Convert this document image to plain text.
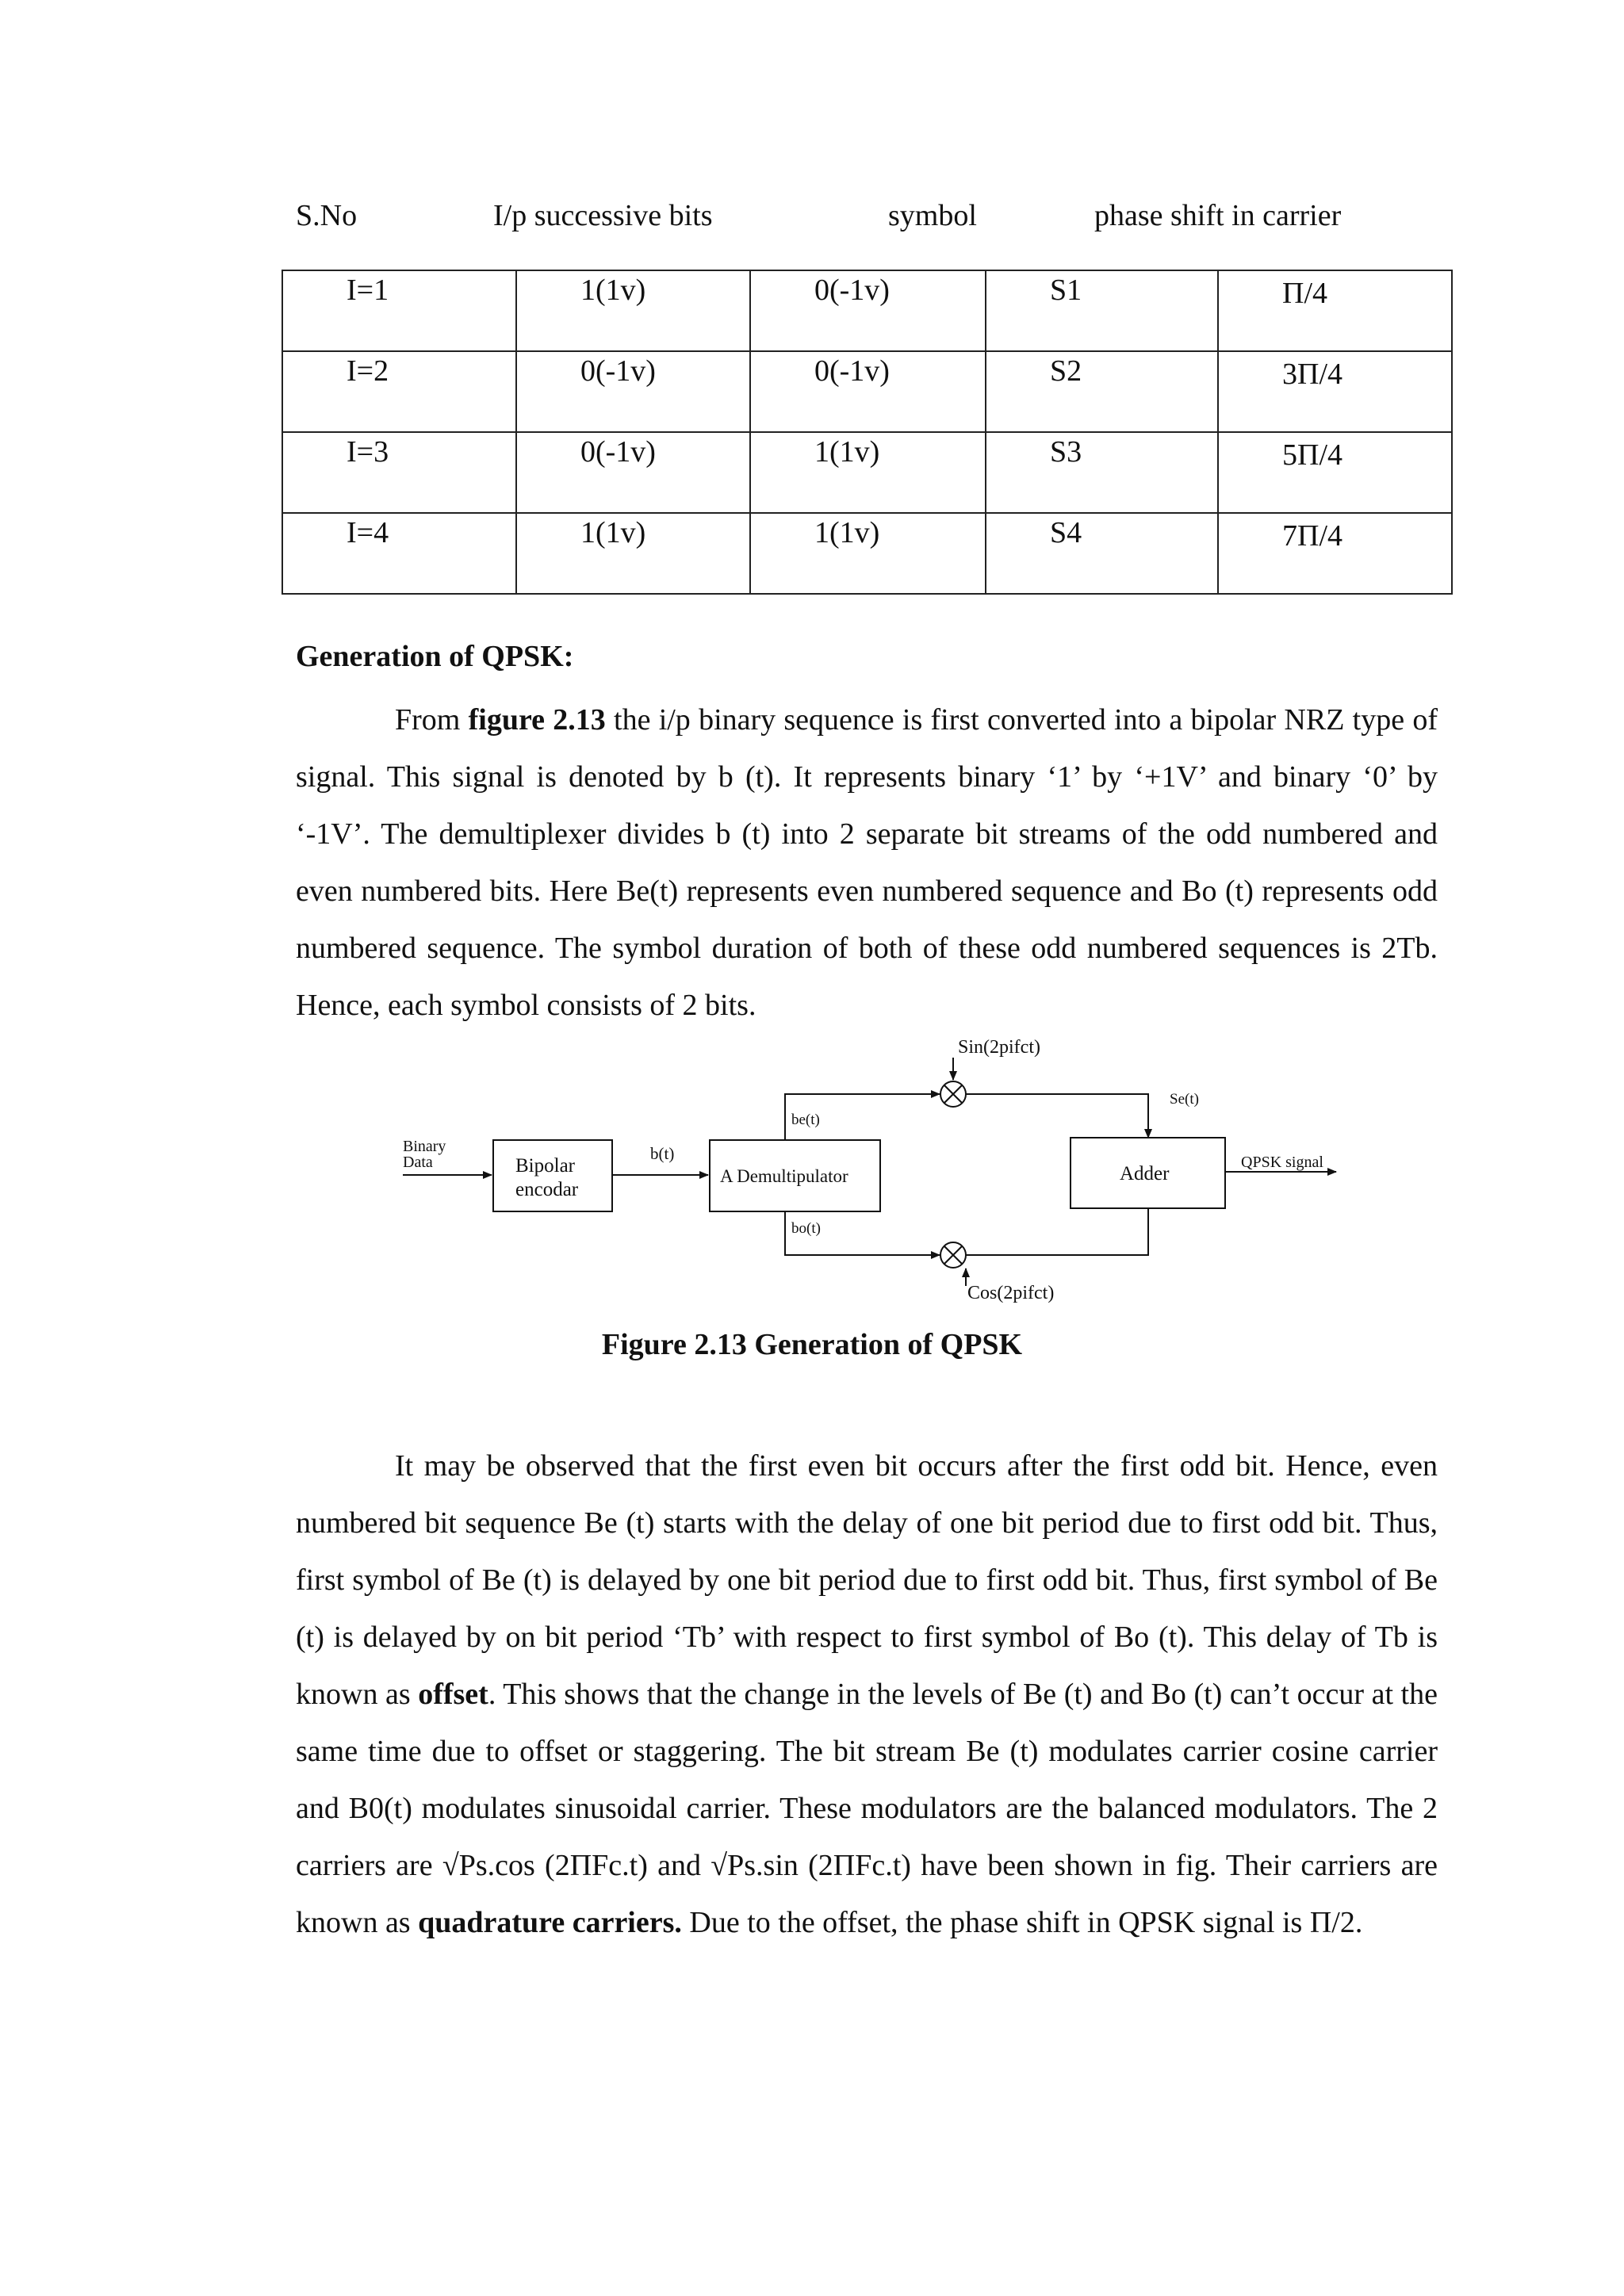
S.No	I/p successive bits	symbol	phase shift in carrier
I=1	1(1v)	0(-1v)	S1	Π/4
I=2	0(-1v)	0(-1v)	S2	3Π/4
I=3	0(-1v)	1(1v)	S3	5Π/4
I=4	1(1v)	1(1v)	S4	7Π/4
Generation of QPSK:

From figure 2.13 the i/p binary sequence is first converted into a bipolar NRZ type of signal. This signal is denoted by b (t). It represents binary ‘1’ by ‘+1V’ and binary ‘0’ by ‘-1V’. The demultiplexer divides b (t) into 2 separate bit streams of the odd numbered and even numbered bits. Here Be(t) represents even numbered sequence and Bo (t) represents odd numbered sequence. The symbol duration of both of these odd numbered sequences is 2Tb. Hence, each symbol consists of 2 bits.

Binary
Data	Bipolar
encodar
b(t)
A Demultipulator
be(t)
bo(t)
Sin(2pifct)
Cos(2pifct)
Se(t)
Adder
QPSK signal
Figure 2.13 Generation of QPSK

It may be observed that the first even bit occurs after the first odd bit. Hence, even numbered bit sequence Be (t) starts with the delay of one bit period due to first odd bit. Thus, first symbol of Be (t) is delayed by one bit period due to first odd bit. Thus, first symbol of Be (t) is delayed by on bit period ‘Tb’ with respect to first symbol of Bo (t). This delay of Tb is known as offset. This shows that the change in the levels of Be (t) and Bo (t) can’t occur at the same time due to offset or staggering. The bit stream Be (t) modulates carrier cosine carrier and B0(t) modulates sinusoidal carrier. These modulators are the balanced modulators. The 2 carriers are √Ps.cos (2ΠFc.t) and √Ps.sin (2ΠFc.t) have been shown in fig. Their carriers are known as quadrature carriers. Due to the offset, the phase shift in QPSK signal is Π/2.
